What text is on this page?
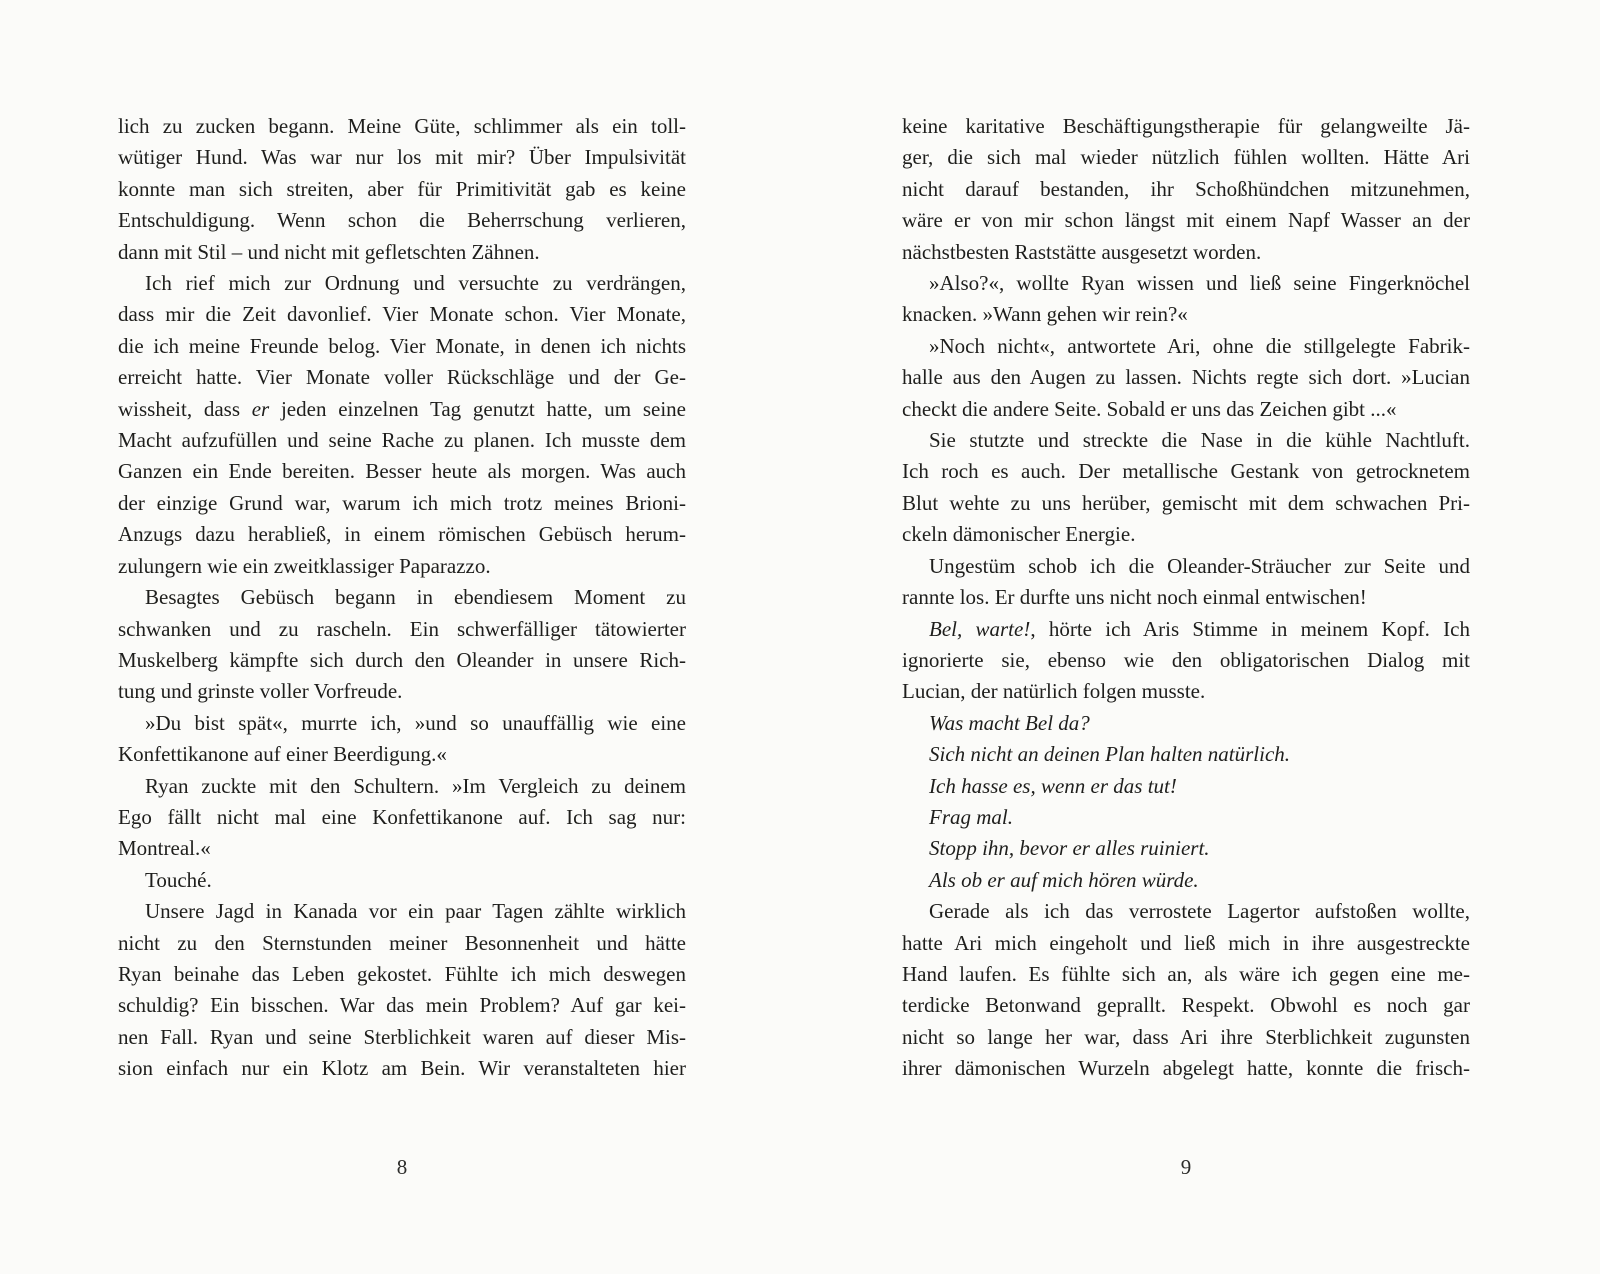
lich zu zucken begann. Meine Güte, schlimmer als ein toll-
wütiger Hund. Was war nur los mit mir? Über Impulsivität
konnte man sich streiten, aber für Primitivität gab es keine
Entschuldigung. Wenn schon die Beherrschung verlieren,
dann mit Stil – und nicht mit gefletschten Zähnen.
Ich rief mich zur Ordnung und versuchte zu verdrängen,
dass mir die Zeit davonlief. Vier Monate schon. Vier Monate,
die ich meine Freunde belog. Vier Monate, in denen ich nichts
erreicht hatte. Vier Monate voller Rückschläge und der Ge-
wissheit, dass er jeden einzelnen Tag genutzt hatte, um seine
Macht aufzufüllen und seine Rache zu planen. Ich musste dem
Ganzen ein Ende bereiten. Besser heute als morgen. Was auch
der einzige Grund war, warum ich mich trotz meines Brioni-
Anzugs dazu herabließ, in einem römischen Gebüsch herum-
zulungern wie ein zweitklassiger Paparazzo.
Besagtes Gebüsch begann in ebendiesem Moment zu
schwanken und zu rascheln. Ein schwerfälliger tätowierter
Muskelberg kämpfte sich durch den Oleander in unsere Rich-
tung und grinste voller Vorfreude.
»Du bist spät«, murrte ich, »und so unauffällig wie eine
Konfettikanone auf einer Beerdigung.«
Ryan zuckte mit den Schultern. »Im Vergleich zu deinem
Ego fällt nicht mal eine Konfettikanone auf. Ich sag nur:
Montreal.«
Touché.
Unsere Jagd in Kanada vor ein paar Tagen zählte wirklich
nicht zu den Sternstunden meiner Besonnenheit und hätte
Ryan beinahe das Leben gekostet. Fühlte ich mich deswegen
schuldig? Ein bisschen. War das mein Problem? Auf gar kei-
nen Fall. Ryan und seine Sterblichkeit waren auf dieser Mis-
sion einfach nur ein Klotz am Bein. Wir veranstalteten hier
keine karitative Beschäftigungstherapie für gelangweilte Jä-
ger, die sich mal wieder nützlich fühlen wollten. Hätte Ari
nicht darauf bestanden, ihr Schoßhündchen mitzunehmen,
wäre er von mir schon längst mit einem Napf Wasser an der
nächstbesten Raststätte ausgesetzt worden.
»Also?«, wollte Ryan wissen und ließ seine Fingerknöchel
knacken. »Wann gehen wir rein?«
»Noch nicht«, antwortete Ari, ohne die stillgelegte Fabrik-
halle aus den Augen zu lassen. Nichts regte sich dort. »Lucian
checkt die andere Seite. Sobald er uns das Zeichen gibt ...«
Sie stutzte und streckte die Nase in die kühle Nachtluft.
Ich roch es auch. Der metallische Gestank von getrocknetem
Blut wehte zu uns herüber, gemischt mit dem schwachen Pri-
ckeln dämonischer Energie.
Ungestüm schob ich die Oleander-Sträucher zur Seite und
rannte los. Er durfte uns nicht noch einmal entwischen!
Bel, warte!, hörte ich Aris Stimme in meinem Kopf. Ich
ignorierte sie, ebenso wie den obligatorischen Dialog mit
Lucian, der natürlich folgen musste.
Was macht Bel da?
Sich nicht an deinen Plan halten natürlich.
Ich hasse es, wenn er das tut!
Frag mal.
Stopp ihn, bevor er alles ruiniert.
Als ob er auf mich hören würde.
Gerade als ich das verrostete Lagertor aufstoßen wollte,
hatte Ari mich eingeholt und ließ mich in ihre ausgestreckte
Hand laufen. Es fühlte sich an, als wäre ich gegen eine me-
terdicke Betonwand geprallt. Respekt. Obwohl es noch gar
nicht so lange her war, dass Ari ihre Sterblichkeit zugunsten
ihrer dämonischen Wurzeln abgelegt hatte, konnte die frisch-
8	9
